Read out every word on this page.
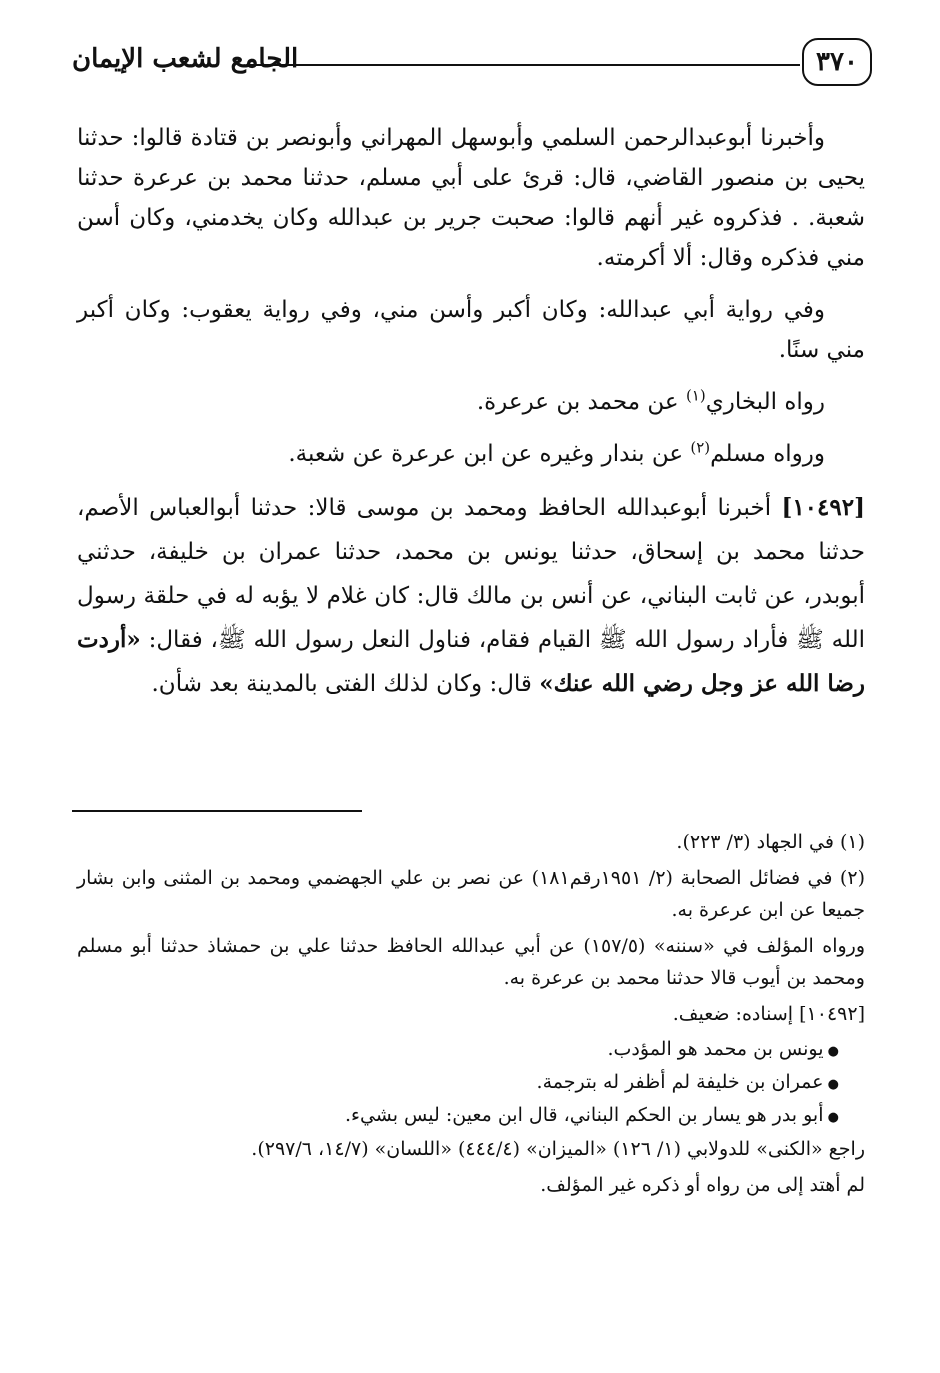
٣٧٠
الجامع لشعب الإيمان

وأخبرنا أبوعبدالرحمن السلمي وأبوسهل المهراني وأبونصر بن قتادة قالوا: حدثنا يحيى بن منصور القاضي، قال: قرئ على أبي مسلم، حدثنا محمد بن عرعرة حدثنا شعبة. . فذكروه غير أنهم قالوا: صحبت جرير بن عبدالله وكان يخدمني، وكان أسن مني فذكره وقال: ألا أكرمته.

وفي رواية أبي عبدالله: وكان أكبر وأسن مني، وفي رواية يعقوب: وكان أكبر مني سنًا.

رواه البخاري$^{(١)}$ عن محمد بن عرعرة.

ورواه مسلم$^{(٢)}$ عن بندار وغيره عن ابن عرعرة عن شعبة.

[١٠٤٩٢] أخبرنا أبوعبدالله الحافظ ومحمد بن موسى قالا: حدثنا أبوالعباس الأصم، حدثنا محمد بن إسحاق، حدثنا يونس بن محمد، حدثنا عمران بن خليفة، حدثني أبوبدر، عن ثابت البناني، عن أنس بن مالك قال: كان غلام لا يؤبه له في حلقة رسول الله ﷺ فأراد رسول الله ﷺ القيام فقام، فناول النعل رسول الله ﷺ، فقال: «أردت رضا الله عز وجل رضي الله عنك» قال: وكان لذلك الفتى بالمدينة بعد شأن.

(١) في الجهاد (٣/ ٢٢٣).

(٢) في فضائل الصحابة (٢/ ١٩٥١رقم١٨١) عن نصر بن علي الجهضمي ومحمد بن المثنى وابن بشار جميعا عن ابن عرعرة به.

ورواه المؤلف في «سننه» (١٥٧/٥) عن أبي عبدالله الحافظ حدثنا علي بن حمشاذ حدثنا أبو مسلم ومحمد بن أيوب قالا حدثنا محمد بن عرعرة به.

[١٠٤٩٢] إسناده: ضعيف.

● يونس بن محمد هو المؤدب.

● عمران بن خليفة لم أظفر له بترجمة.

● أبو بدر هو يسار بن الحكم البناني، قال ابن معين: ليس بشيء.

راجع «الكنى» للدولابي (١/ ١٢٦) «الميزان» (٤٤٤/٤) «اللسان» (١٤/٧، ٢٩٧/٦).

لم أهتد إلى من رواه أو ذكره غير المؤلف.
